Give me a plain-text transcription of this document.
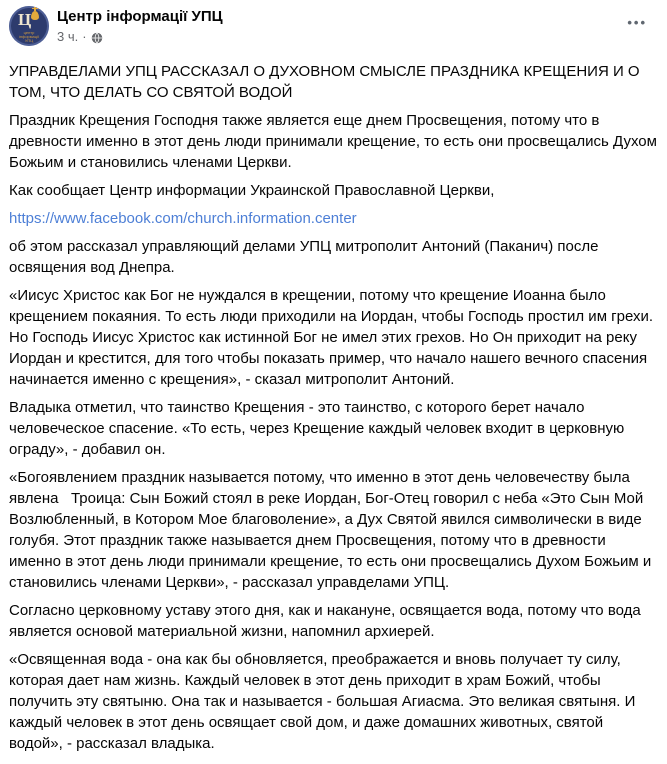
Ц
центр
інформації
УПЦ
Центр інформації УПЦ
3 ч. ·
•••

УПРАВДЕЛАМИ УПЦ РАССКАЗАЛ О ДУХОВНОМ СМЫСЛЕ ПРАЗДНИКА КРЕЩЕНИЯ И О ТОМ, ЧТО ДЕЛАТЬ СО СВЯТОЙ ВОДОЙ

Праздник Крещения Господня также является еще днем Просвещения, потому что в древности именно в этот день люди принимали крещение, то есть они просвещались Духом Божьим и становились членами Церкви.

Как сообщает Центр информации Украинской Православной Церкви,

https://www.facebook.com/church.information.center

об этом рассказал управляющий делами УПЦ митрополит Антоний (Паканич) после освящения вод Днепра.

«Иисус Христос как Бог не нуждался в крещении, потому что крещение Иоанна было крещением покаяния. То есть люди приходили на Иордан, чтобы Господь простил им грехи. Но Господь Иисус Христос как истинной Бог не имел этих грехов. Но Он приходит на реку Иордан и крестится, для того чтобы показать пример, что начало нашего вечного спасения начинается именно с крещения», - сказал митрополит Антоний.

Владыка отметил, что таинство Крещения - это таинство, с которого берет начало человеческое спасение. «То есть, через Крещение каждый человек входит в церковную ограду», - добавил он.

«Богоявлением праздник называется потому, что именно в этот день человечеству была явлена   Троица: Сын Божий стоял в реке Иордан, Бог-Отец говорил с неба «Это Сын Мой Возлюбленный, в Котором Мое благоволение», а Дух Святой явился символически в виде голубя. Этот праздник также называется днем Просвещения, потому что в древности именно в этот день люди принимали крещение, то есть они просвещались Духом Божьим и становились членами Церкви», - рассказал управделами УПЦ.

Согласно церковному уставу этого дня, как и накануне, освящается вода, потому что вода является основой материальной жизни, напомнил архиерей.

«Освященная вода - она как бы обновляется, преображается и вновь получает ту силу, которая дает нам жизнь. Каждый человек в этот день приходит в храм Божий, чтобы получить эту святыню. Она так и называется - большая Агиасма. Это великая святыня. И каждый человек в этот день освящает свой дом, и даже домашних животных, святой водой», - рассказал владыка.
